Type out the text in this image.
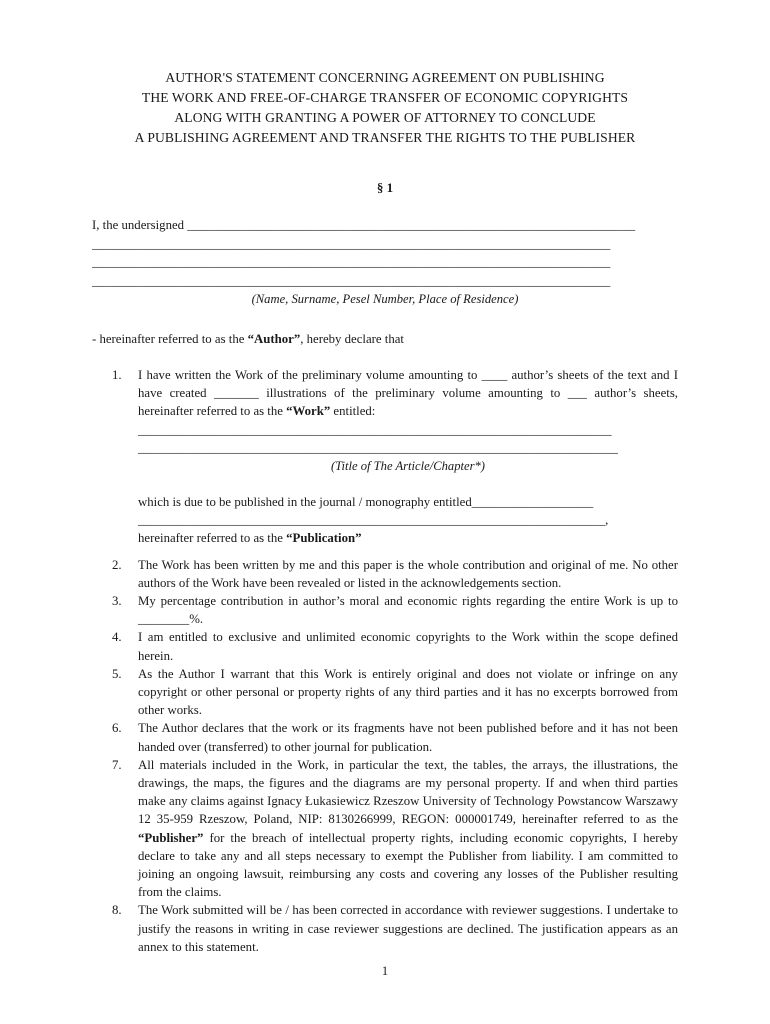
AUTHOR'S STATEMENT CONCERNING AGREEMENT ON PUBLISHING

THE WORK AND FREE-OF-CHARGE TRANSFER OF ECONOMIC COPYRIGHTS

ALONG WITH GRANTING A POWER OF ATTORNEY TO CONCLUDE

A PUBLISHING AGREEMENT AND TRANSFER THE RIGHTS TO THE PUBLISHER

§ 1
I, the undersigned ______________________________________________________________________
_________________________________________________________________________________
_________________________________________________________________________________
_________________________________________________________________________________
(Name, Surname, Pesel Number, Place of Residence)

- hereinafter referred to as the “Author”, hereby declare that

1. I have written the Work of the preliminary volume amounting to ____ author’s sheets of the text and I have created _______ illustrations of the preliminary volume amounting to ___ author’s sheets, hereinafter referred to as the “Work” entitled:
__________________________________________________________________________
___________________________________________________________________________
(Title of The Article/Chapter*)
which is due to be published in the journal / monography entitled___________________
_________________________________________________________________________,
hereinafter referred to as the “Publication”
2. The Work has been written by me and this paper is the whole contribution and original of me. No other authors of the Work have been revealed or listed in the acknowledgements section.
3. My percentage contribution in author’s moral and economic rights regarding the entire Work is up to ________%.
4. I am entitled to exclusive and unlimited economic copyrights to the Work within the scope defined herein.
5. As the Author I warrant that this Work is entirely original and does not violate or infringe on any copyright or other personal or property rights of any third parties and it has no excerpts borrowed from other works.
6. The Author declares that the work or its fragments have not been published before and it has not been handed over (transferred) to other journal for publication.
7. All materials included in the Work, in particular the text, the tables, the arrays, the illustrations, the drawings, the maps, the figures and the diagrams are my personal property. If and when third parties make any claims against Ignacy Łukasiewicz Rzeszow University of Technology Powstancow Warszawy 12 35-959 Rzeszow, Poland, NIP: 8130266999, REGON: 000001749, hereinafter referred to as the “Publisher” for the breach of intellectual property rights, including economic copyrights, I hereby declare to take any and all steps necessary to exempt the Publisher from liability. I am committed to joining an ongoing lawsuit, reimbursing any costs and covering any losses of the Publisher resulting from the claims.
8. The Work submitted will be / has been corrected in accordance with reviewer suggestions. I undertake to justify the reasons in writing in case reviewer suggestions are declined. The justification appears as an annex to this statement.
1
